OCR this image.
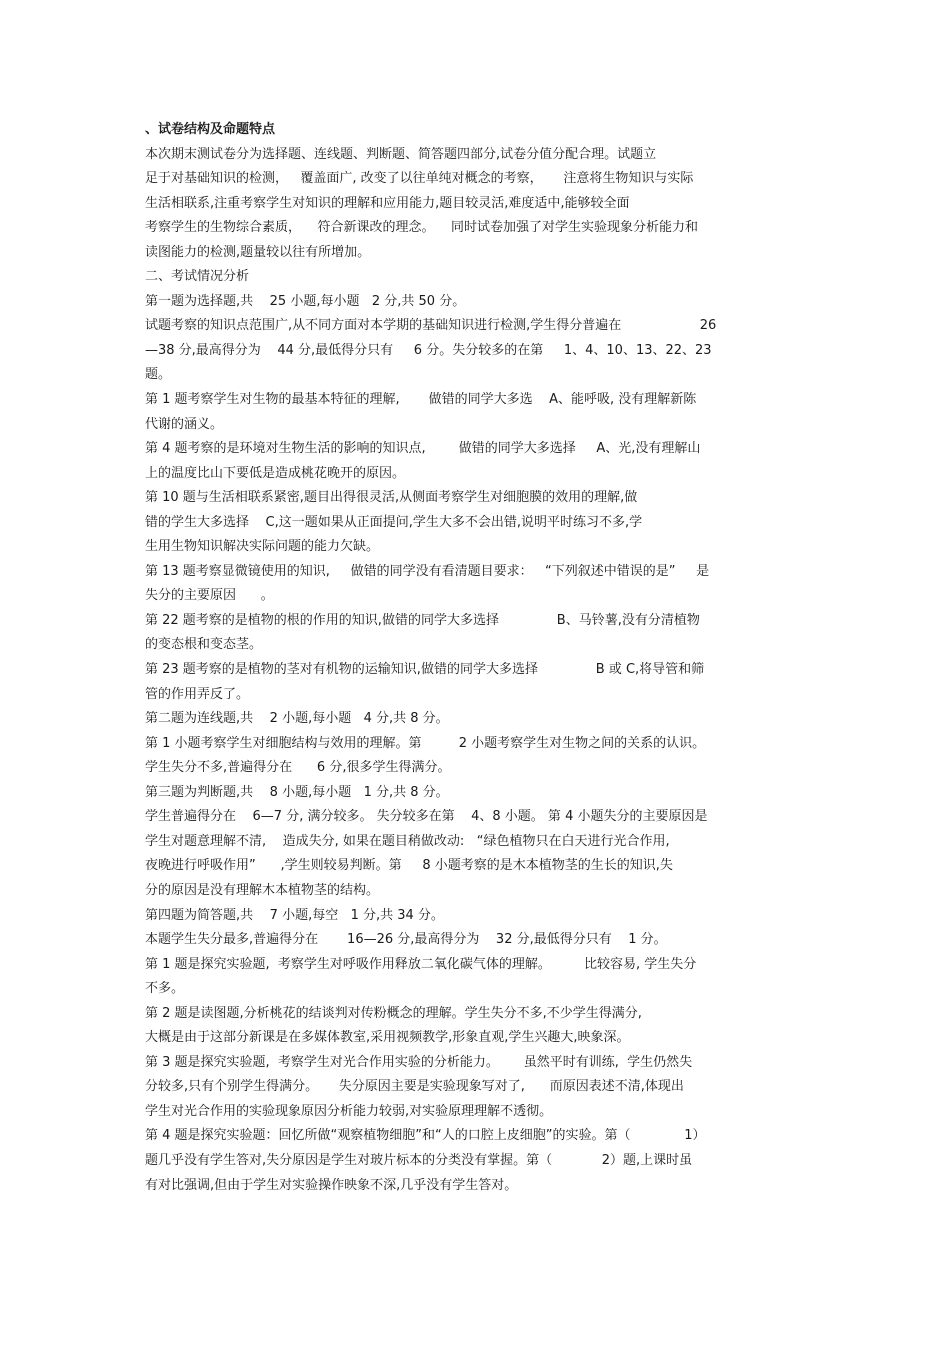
、试卷结构及命题特点
本次期末测试卷分为选择题、连线题、判断题、简答题四部分,试卷分值分配合理。试题立
足于对基础知识的检测，   覆盖面广, 改变了以往单纯对概念的考察，     注意将生物知识与实际
生活相联系,注重考察学生对知识的理解和应用能力,题目较灵活,难度适中,能够较全面
考察学生的生物综合素质，    符合新课改的理念。    同时试卷加强了对学生实验现象分析能力和
读图能力的检测,题量较以往有所增加。
二、考试情况分析
第一题为选择题,共    25 小题,每小题   2 分,共 50 分。
试题考察的知识点范围广,从不同方面对本学期的基础知识进行检测,学生得分普遍在                   26
—38 分,最高得分为    44 分,最低得分只有     6 分。失分较多的在第     1、4、10、13、22、23
题。
第 1 题考察学生对生物的最基本特征的理解,       做错的同学大多选    A、能呼吸, 没有理解新陈
代谢的涵义。
第 4 题考察的是环境对生物生活的影响的知识点,        做错的同学大多选择     A、光,没有理解山
上的温度比山下要低是造成桃花晚开的原因。
第 10 题与生活相联系紧密,题目出得很灵活,从侧面考察学生对细胞膜的效用的理解,做
错的学生大多选择    C,这一题如果从正面提问,学生大多不会出错,说明平时练习不多,学
生用生物知识解决实际问题的能力欠缺。
第 13 题考察显微镜使用的知识,     做错的同学没有看清题目要求：   “下列叙述中错误的是”     是
失分的主要原因      。
第 22 题考察的是植物的根的作用的知识,做错的同学大多选择              B、马铃薯,没有分清植物
的变态根和变态茎。
第 23 题考察的是植物的茎对有机物的运输知识,做错的同学大多选择              B 或 C,将导管和筛
管的作用弄反了。
第二题为连线题,共    2 小题,每小题   4 分,共 8 分。
第 1 小题考察学生对细胞结构与效用的理解。第         2 小题考察学生对生物之间的关系的认识。
学生失分不多,普遍得分在      6 分,很多学生得满分。
第三题为判断题,共    8 小题,每小题   1 分,共 8 分。
学生普遍得分在    6—7 分, 满分较多。 失分较多在第    4、8 小题。 第 4 小题失分的主要原因是
学生对题意理解不清,    造成失分, 如果在题目稍做改动:   “绿色植物只在白天进行光合作用,
夜晚进行呼吸作用”      ,学生则较易判断。第     8 小题考察的是木本植物茎的生长的知识,失
分的原因是没有理解木本植物茎的结构。
第四题为简答题,共    7 小题,每空   1 分,共 34 分。
本题学生失分最多,普遍得分在       16—26 分,最高得分为    32 分,最低得分只有    1 分。
第 1 题是探究实验题,  考察学生对呼吸作用释放二氧化碳气体的理解。        比较容易, 学生失分
不多。
第 2 题是读图题,分析桃花的结谈判对传粉概念的理解。学生失分不多,不少学生得满分,
大概是由于这部分新课是在多媒体教室,采用视频教学,形象直观,学生兴趣大,映象深。
第 3 题是探究实验题,  考察学生对光合作用实验的分析能力。      虽然平时有训练,  学生仍然失
分较多,只有个别学生得满分。     失分原因主要是实验现象写对了,      而原因表述不清,体现出
学生对光合作用的实验现象原因分析能力较弱,对实验原理理解不透彻。
第 4 题是探究实验题：回忆所做“观察植物细胞”和“人的口腔上皮细胞”的实验。第（             1）
题几乎没有学生答对,失分原因是学生对玻片标本的分类没有掌握。第（            2）题,上课时虽
有对比强调,但由于学生对实验操作映象不深,几乎没有学生答对。
